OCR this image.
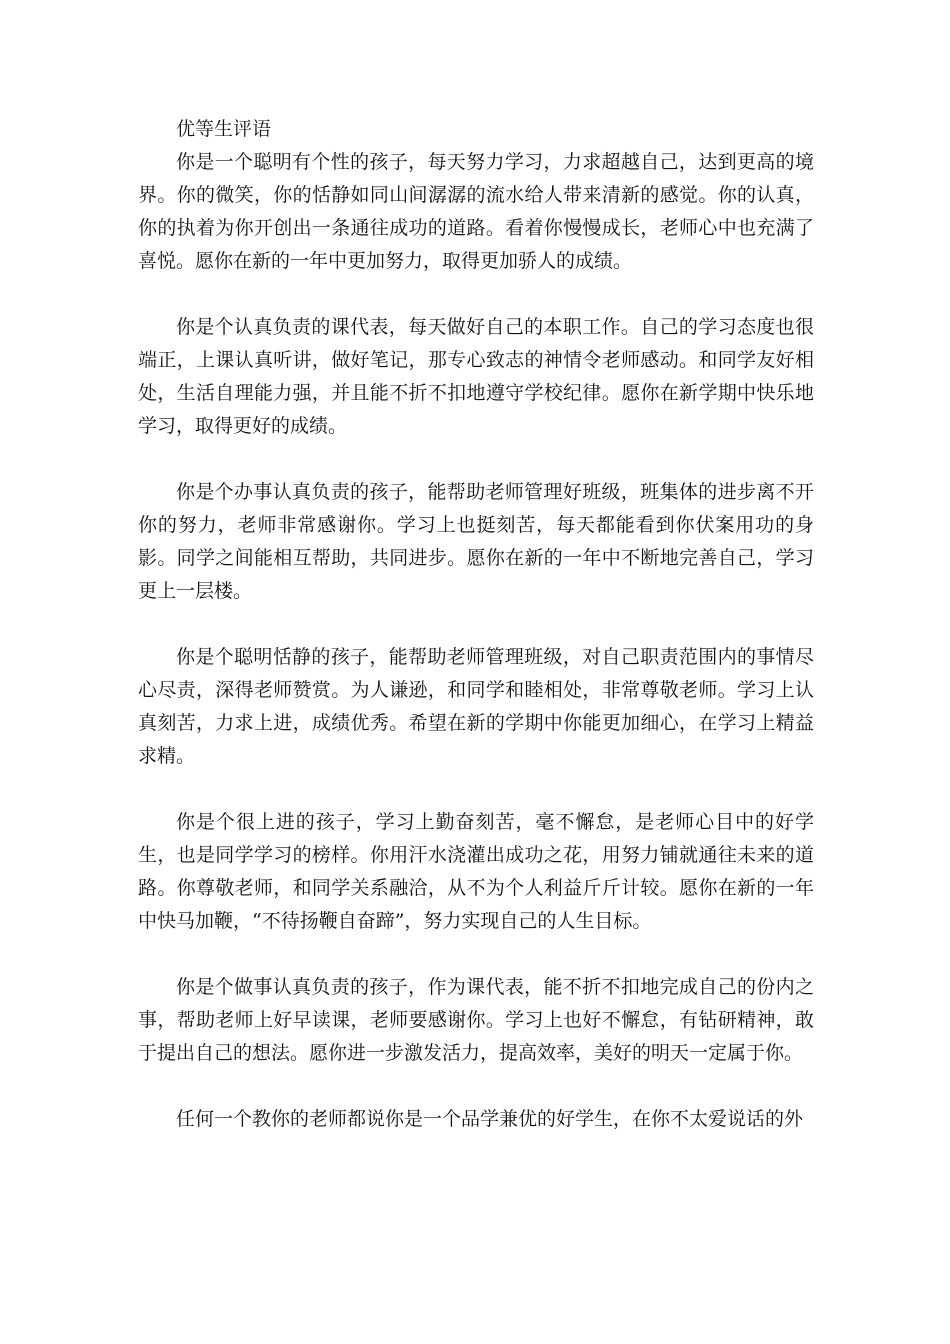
优等生评语

你是一个聪明有个性的孩子，每天努力学习，力求超越自己，达到更高的境界。你的微笑，你的恬静如同山间潺潺的流水给人带来清新的感觉。你的认真，你的执着为你开创出一条通往成功的道路。看着你慢慢成长，老师心中也充满了喜悦。愿你在新的一年中更加努力，取得更加骄人的成绩。

你是个认真负责的课代表，每天做好自己的本职工作。自己的学习态度也很端正，上课认真听讲，做好笔记，那专心致志的神情令老师感动。和同学友好相处，生活自理能力强，并且能不折不扣地遵守学校纪律。愿你在新学期中快乐地学习，取得更好的成绩。

你是个办事认真负责的孩子，能帮助老师管理好班级，班集体的进步离不开你的努力，老师非常感谢你。学习上也挺刻苦，每天都能看到你伏案用功的身影。同学之间能相互帮助，共同进步。愿你在新的一年中不断地完善自己，学习更上一层楼。

你是个聪明恬静的孩子，能帮助老师管理班级，对自己职责范围内的事情尽心尽责，深得老师赞赏。为人谦逊，和同学和睦相处，非常尊敬老师。学习上认真刻苦，力求上进，成绩优秀。希望在新的学期中你能更加细心，在学习上精益求精。

你是个很上进的孩子，学习上勤奋刻苦，毫不懈怠，是老师心目中的好学生，也是同学学习的榜样。你用汗水浇灌出成功之花，用努力铺就通往未来的道路。你尊敬老师，和同学关系融洽，从不为个人利益斤斤计较。愿你在新的一年中快马加鞭，“不待扬鞭自奋蹄”，努力实现自己的人生目标。

你是个做事认真负责的孩子，作为课代表，能不折不扣地完成自己的份内之事，帮助老师上好早读课，老师要感谢你。学习上也好不懈怠，有钻研精神，敢于提出自己的想法。愿你进一步激发活力，提高效率，美好的明天一定属于你。

任何一个教你的老师都说你是一个品学兼优的好学生，在你不太爱说话的外
